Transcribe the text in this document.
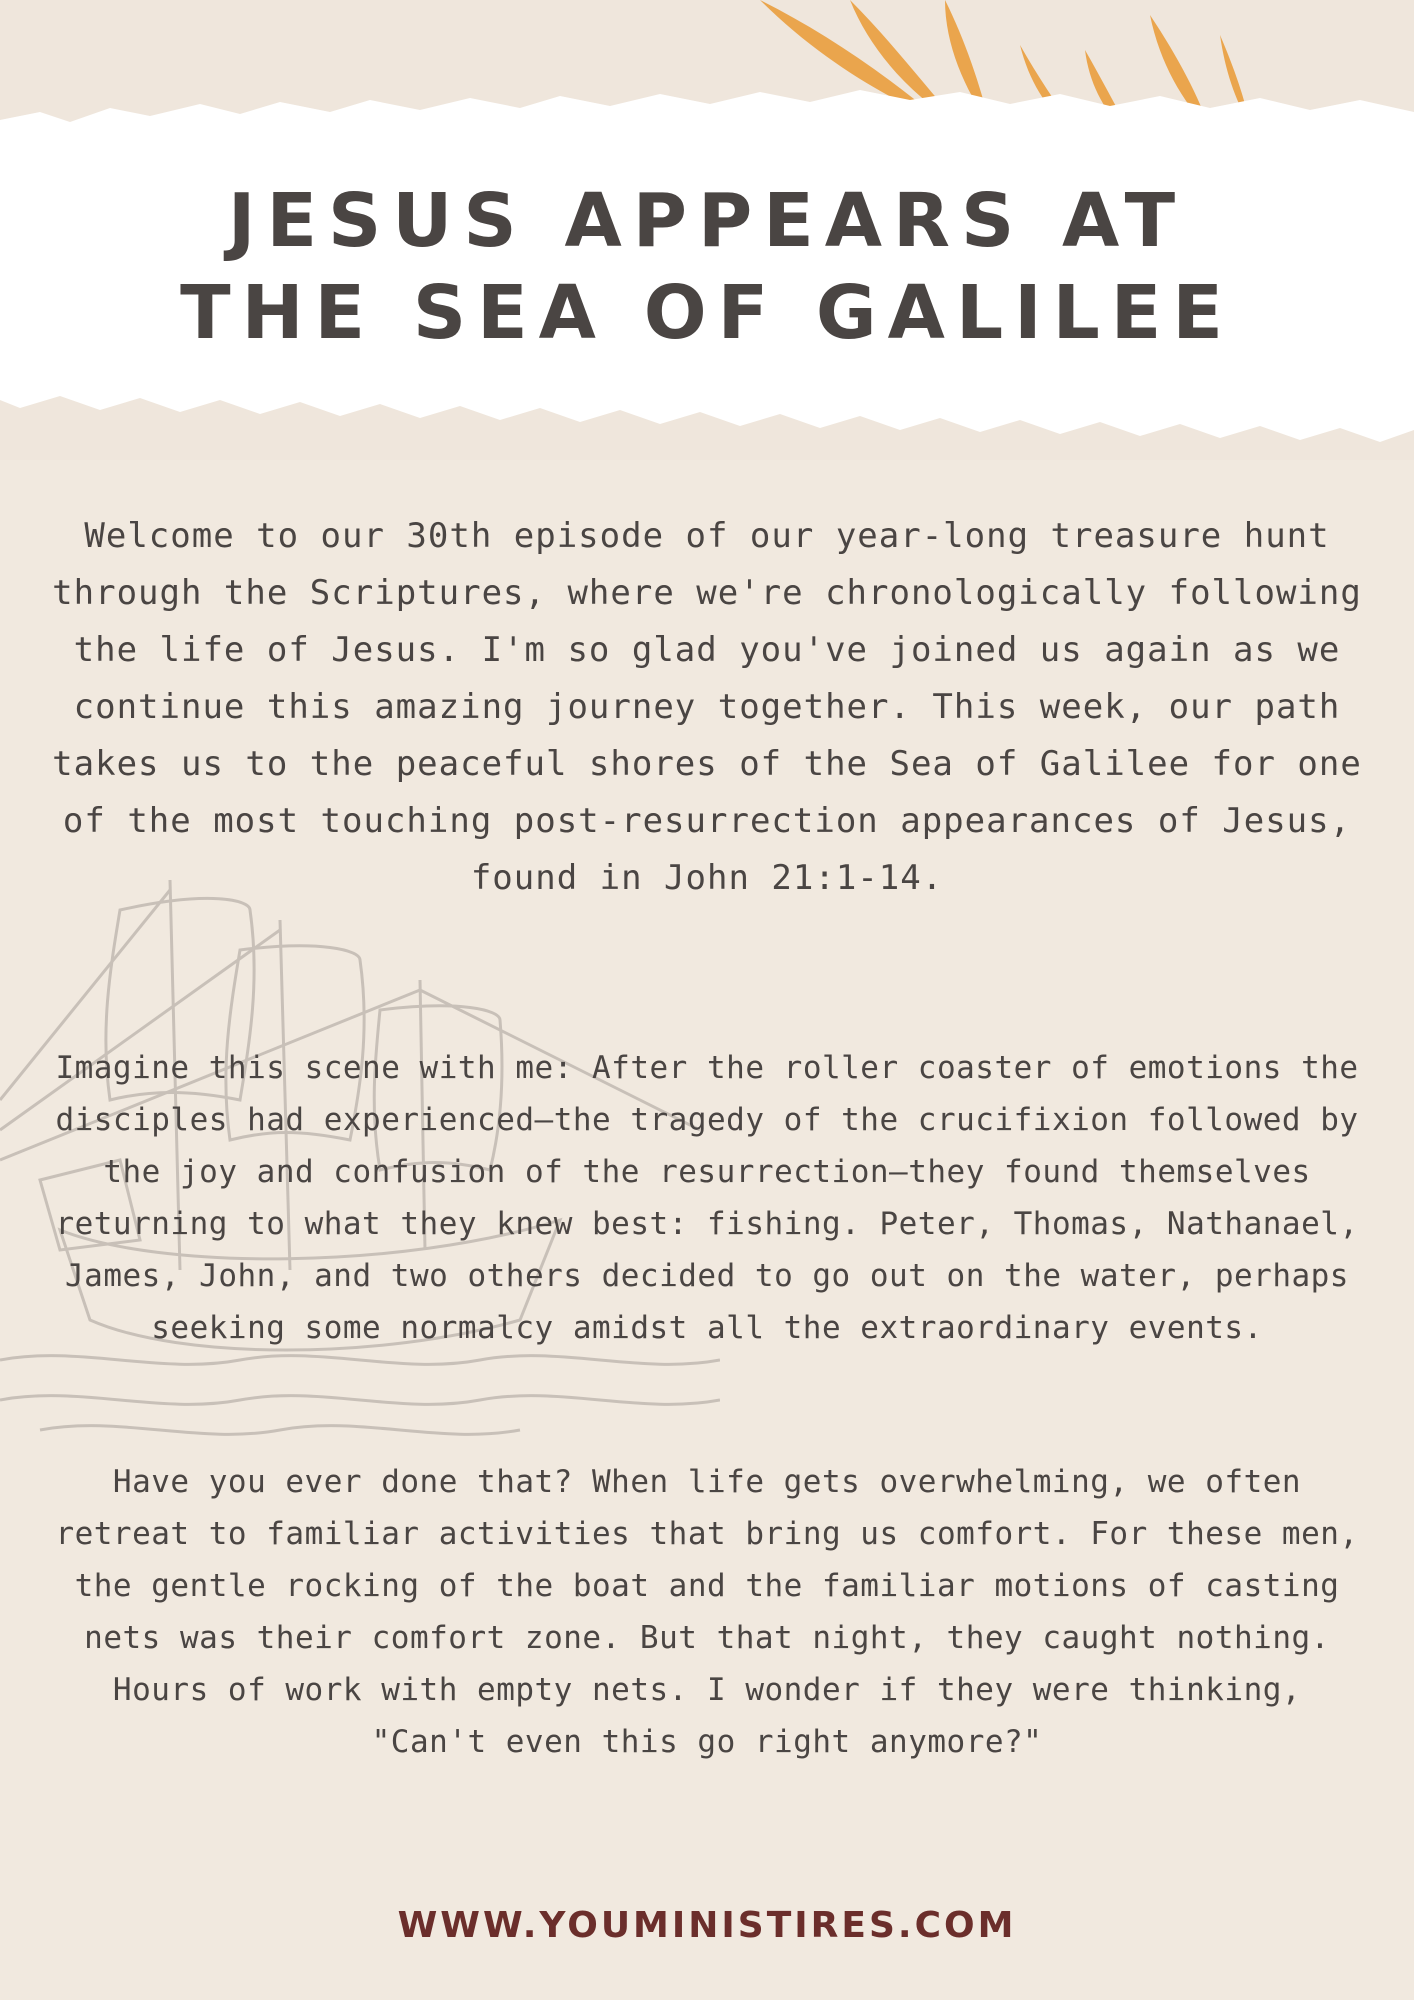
JESUS APPEARS AT
THE SEA OF GALILEE

Welcome to our 30th episode of our year-long treasure hunt through the Scriptures, where we're chronologically following the life of Jesus. I'm so glad you've joined us again as we continue this amazing journey together. This week, our path takes us to the peaceful shores of the Sea of Galilee for one of the most touching post-resurrection appearances of Jesus, found in John 21:1-14.

Imagine this scene with me: After the roller coaster of emotions the disciples had experienced—the tragedy of the crucifixion followed by the joy and confusion of the resurrection—they found themselves returning to what they knew best: fishing. Peter, Thomas, Nathanael, James, John, and two others decided to go out on the water, perhaps seeking some normalcy amidst all the extraordinary events.

Have you ever done that? When life gets overwhelming, we often retreat to familiar activities that bring us comfort. For these men, the gentle rocking of the boat and the familiar motions of casting nets was their comfort zone. But that night, they caught nothing. Hours of work with empty nets. I wonder if they were thinking, "Can't even this go right anymore?"

WWW.YOUMINISTIRES.COM
